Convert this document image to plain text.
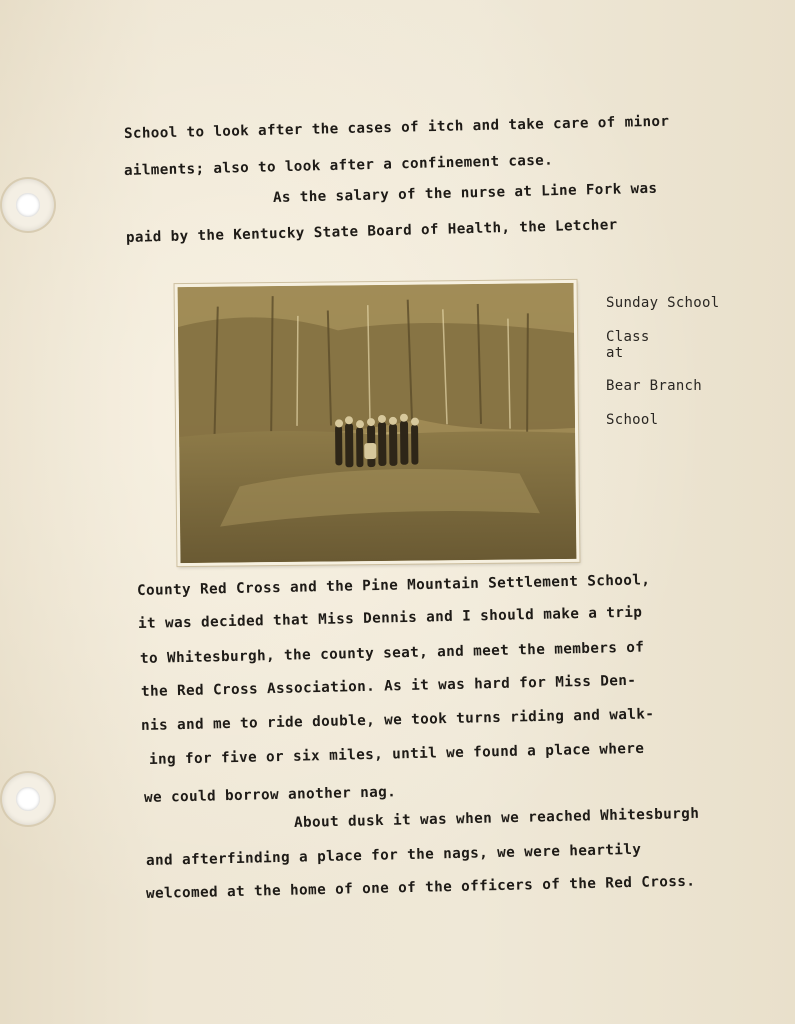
School to look after the cases of itch and take care of minor
ailments; also to look after a confinement case.
As the salary of the nurse at Line Fork was
paid by the Kentucky State Board of Health, the Letcher
Sunday School
Class
at
Bear Branch
School
County Red Cross and the Pine Mountain Settlement School,
it was decided that Miss Dennis and I should make a trip
to Whitesburgh, the county seat, and meet the members of
the Red Cross Association. As it was hard for Miss Den-
nis and me to ride double, we took turns riding and walk-
ing for five or six miles, until we found a place where
we could borrow another nag.
About dusk it was when we reached Whitesburgh
and afterfinding a place for the nags, we were heartily
welcomed at the home of one of the officers of the Red Cross.
